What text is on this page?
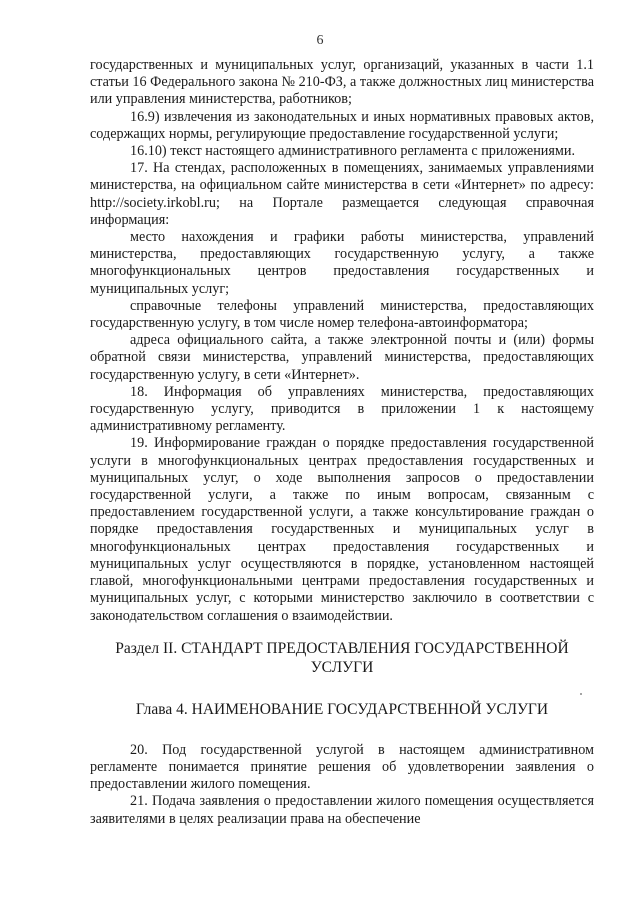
6

государственных и муниципальных услуг, организаций, указанных в части 1.1 статьи 16 Федерального закона № 210-ФЗ, а также должностных лиц министерства или управления министерства, работников;

16.9) извлечения из законодательных и иных нормативных правовых актов, содержащих нормы, регулирующие предоставление государственной услуги;

16.10) текст настоящего административного регламента с приложениями.

17. На стендах, расположенных в помещениях, занимаемых управлениями министерства, на официальном сайте министерства в сети «Интернет» по адресу: http://society.irkobl.ru; на Портале размещается следующая справочная информация:

место нахождения и графики работы министерства, управлений министерства, предоставляющих государственную услугу, а также многофункциональных центров предоставления государственных и муниципальных услуг;

справочные телефоны управлений министерства, предоставляющих государственную услугу, в том числе номер телефона-автоинформатора;

адреса официального сайта, а также электронной почты и (или) формы обратной связи министерства, управлений министерства, предоставляющих государственную услугу, в сети «Интернет».

18. Информация об управлениях министерства, предоставляющих государственную услугу, приводится в приложении 1 к настоящему административному регламенту.

19. Информирование граждан о порядке предоставления государственной услуги в многофункциональных центрах предоставления государственных и муниципальных услуг, о ходе выполнения запросов о предоставлении государственной услуги, а также по иным вопросам, связанным с предоставлением государственной услуги, а также консультирование граждан о порядке предоставления государственных и муниципальных услуг в многофункциональных центрах предоставления государственных и муниципальных услуг осуществляются в порядке, установленном настоящей главой, многофункциональными центрами предоставления государственных и муниципальных услуг, с которыми министерство заключило в соответствии с законодательством соглашения о взаимодействии.

Раздел II. СТАНДАРТ ПРЕДОСТАВЛЕНИЯ ГОСУДАРСТВЕННОЙ УСЛУГИ

Глава 4. НАИМЕНОВАНИЕ ГОСУДАРСТВЕННОЙ УСЛУГИ

20. Под государственной услугой в настоящем административном регламенте понимается принятие решения об удовлетворении заявления о предоставлении жилого помещения.

21. Подача заявления о предоставлении жилого помещения осуществляется заявителями в целях реализации права на обеспечение
